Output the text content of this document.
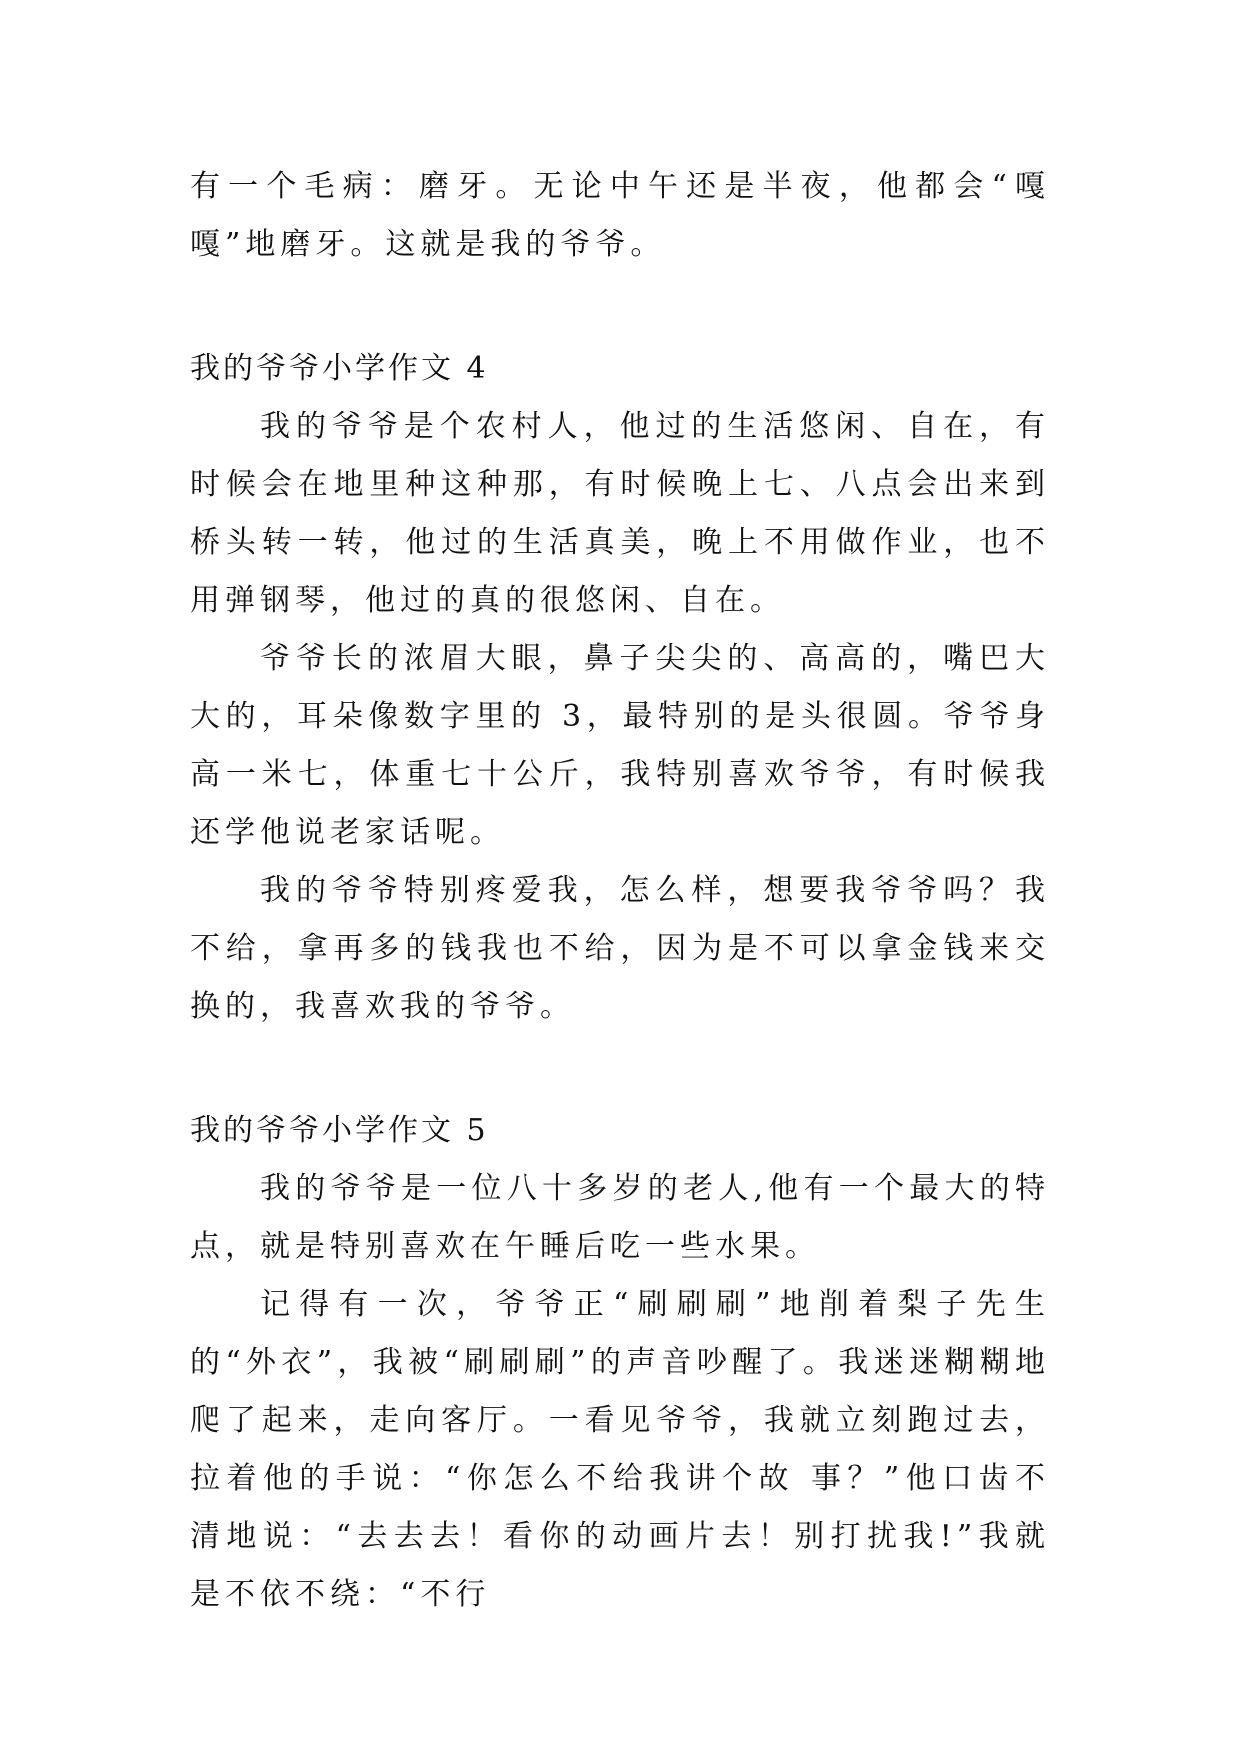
有一个毛病：磨牙。无论中午还是半夜，他都会“嘎嘎”地磨牙。这就是我的爷爷。

我的爷爷小学作文 4

我的爷爷是个农村人，他过的生活悠闲、自在，有时候会在地里种这种那，有时候晚上七、八点会出来到桥头转一转，他过的生活真美，晚上不用做作业，也不用弹钢琴，他过的真的很悠闲、自在。

爷爷长的浓眉大眼，鼻子尖尖的、高高的，嘴巴大大的，耳朵像数字里的 3，最特别的是头很圆。爷爷身高一米七，体重七十公斤，我特别喜欢爷爷，有时候我还学他说老家话呢。

我的爷爷特别疼爱我，怎么样，想要我爷爷吗？我不给，拿再多的钱我也不给，因为是不可以拿金钱来交换的，我喜欢我的爷爷。

我的爷爷小学作文 5

我的爷爷是一位八十多岁的老人,他有一个最大的特点，就是特别喜欢在午睡后吃一些水果。

记得有一次，爷爷正“刷刷刷”地削着梨子先生的“外衣”，我被“刷刷刷”的声音吵醒了。我迷迷糊糊地爬了起来，走向客厅。一看见爷爷，我就立刻跑过去，拉着他的手说：“你怎么不给我讲个故 事？”他口齿不清地说：“去去去！看你的动画片去！别打扰我!”我就是不依不绕：“不行
